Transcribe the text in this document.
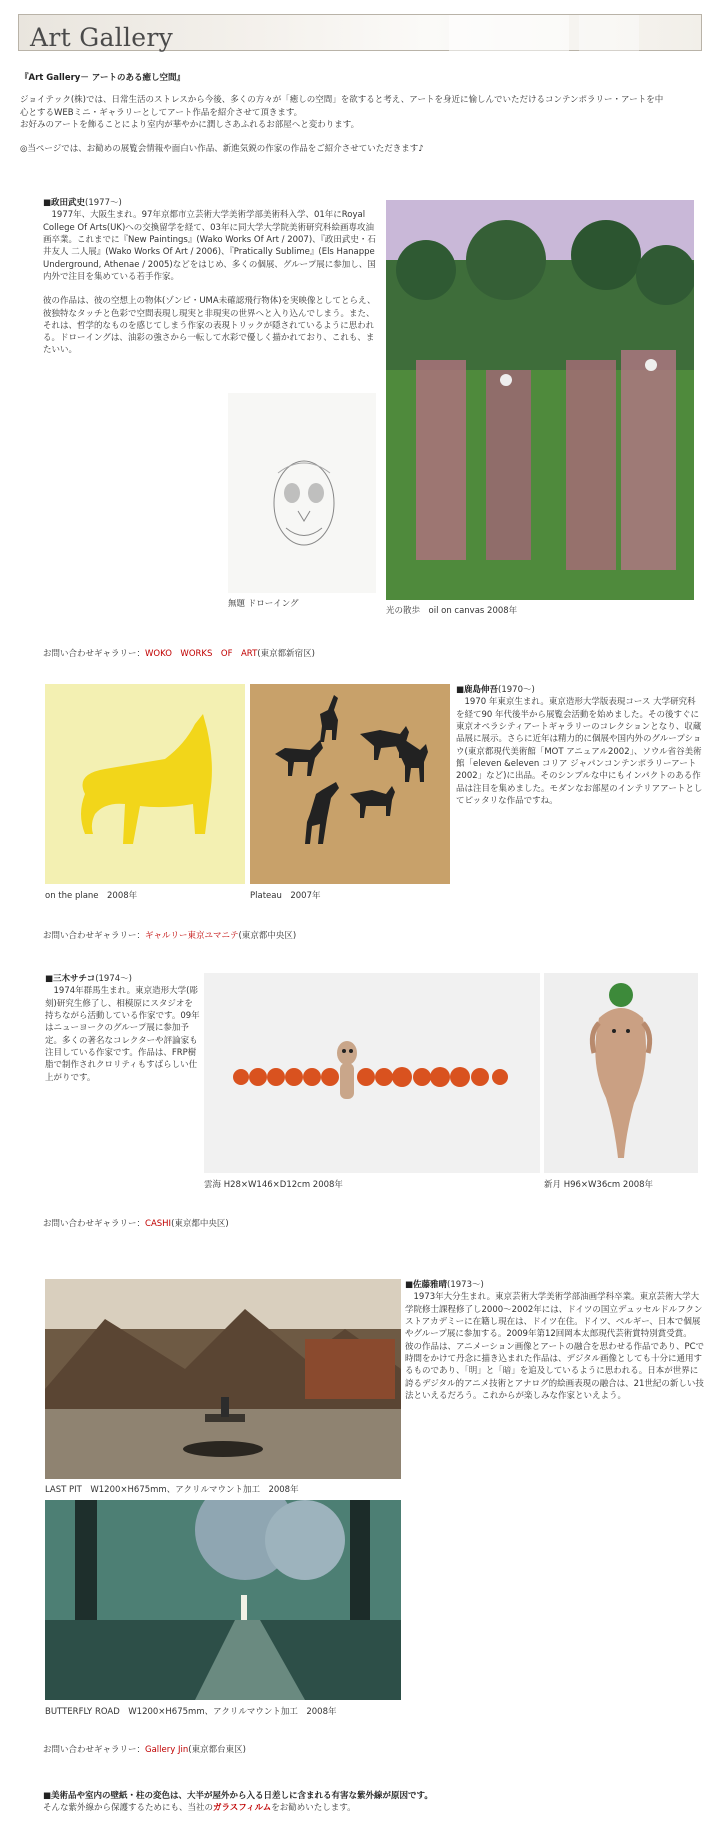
Art Gallery

『Art Gallery－ アートのある癒し空間』

ジョイテック(株)では、日常生活のストレスから今後、多くの方々が「癒しの空間」を欲すると考え、アートを身近に愉しんでいただけるコンテンポラリー・アートを中

心とするWEBミニ・ギャラリーとしてアート作品を紹介させて頂きます。

お好みのアートを飾ることにより室内が華やかに潤しさあふれるお部屋へと変わります。

◎当ページでは、お勧めの展覧会情報や面白い作品、新進気鋭の作家の作品をご紹介させていただきます♪

■政田武史(1977～)
　1977年、大阪生まれ。97年京都市立芸術大学美術学部美術科入学、01年にRoyal College Of Arts(UK)への交換留学を経て、03年に同大学大学院美術研究科絵画専攻油画卒業。これまでに『New Paintings』(Wako Works Of Art / 2007)、『政田武史・石井友人 二人展』(Wako Works Of Art / 2006)、『Pratically Sublime』(Els Hanappe Underground, Athenae / 2005)などをはじめ、多くの個展、グループ展に参加し、国内外で注目を集めている若手作家。
彼の作品は、彼の空想上の物体(ゾンビ・UMA未確認飛行物体)を実映像としてとらえ、彼独特なタッチと色彩で空間表現し現実と非現実の世界へと入り込んでしまう。また、それは、哲学的なものを感じてしまう作家の表現トリックが隠されているように思われる。ドローイングは、油彩の強さから一転して水彩で優しく描かれており、これも、またいい。
無題 ドローイング
光の散歩　oil on canvas 2008年
お問い合わせギャラリー：WOKO　WORKS　OF　ART(東京都新宿区)
on the plane　2008年	Plateau　2007年
■鹿島伸吾(1970～)
　1970 年東京生まれ。東京造形大学版表現コース 大学研究科を経て90 年代後半から展覧会活動を始めました。その後すぐに東京オペラシティアートギャラリーのコレクションとなり、収蔵品展に展示。さらに近年は精力的に個展や国内外のグループショウ(東京都現代美術館「MOT アニュアル2002」、ソウル省谷美術館「eleven &eleven コリア ジャパンコンテンポラリーアート2002」など)に出品。そのシンプルな中にもインパクトのある作品は注目を集めました。モダンなお部屋のインテリアアートとしてピッタリな作品ですね。
お問い合わせギャラリー：ギャルリー東京ユマニテ(東京都中央区)
■三木サチコ(1974～)
　1974年群馬生まれ。東京造形大学(彫刻)研究生修了し、相模原にスタジオを持ちながら活動している作家です。09年はニューヨークのグループ展に参加予定。多くの著名なコレクターや評論家も注目している作家です。作品は、FRP樹脂で制作されクロリティもすばらしい仕上がりです。
雲海 H28×W146×D12cm 2008年	新月 H96×W36cm 2008年
お問い合わせギャラリー：CASHI(東京都中央区)
LAST PIT　W1200×H675mm、アクリルマウント加工　2008年
■佐藤雅晴(1973～)
　1973年大分生まれ。東京芸術大学美術学部油画学科卒業。東京芸術大学大学院修士課程修了し2000～2002年には、ドイツの国立デュッセルドルフクンストアカデミーに在籍し現在は、ドイツ在住。ドイツ、ベルギー、日本で個展やグループ展に参加する。2009年第12回岡本太郎現代芸術賞特別賞受賞。
彼の作品は、アニメーション画像とアートの融合を思わせる作品であり、PCで時間をかけて丹念に描き込まれた作品は、デジタル画像としても十分に通用するものであり、「明」と「暗」を追及しているように思われる。日本が世界に誇るデジタル的アニメ技術とアナログ的絵画表現の融合は、21世紀の新しい技法といえるだろう。これからが楽しみな作家といえよう。
BUTTERFLY ROAD　W1200×H675mm、アクリルマウント加工　2008年
お問い合わせギャラリー：Gallery Jin(東京都台東区)

■美術品や室内の壁紙・柱の変色は、大半が屋外から入る日差しに含まれる有害な紫外線が原因です。

そんな紫外線から保護するためにも、当社のガラスフィルムをお勧めいたします。
